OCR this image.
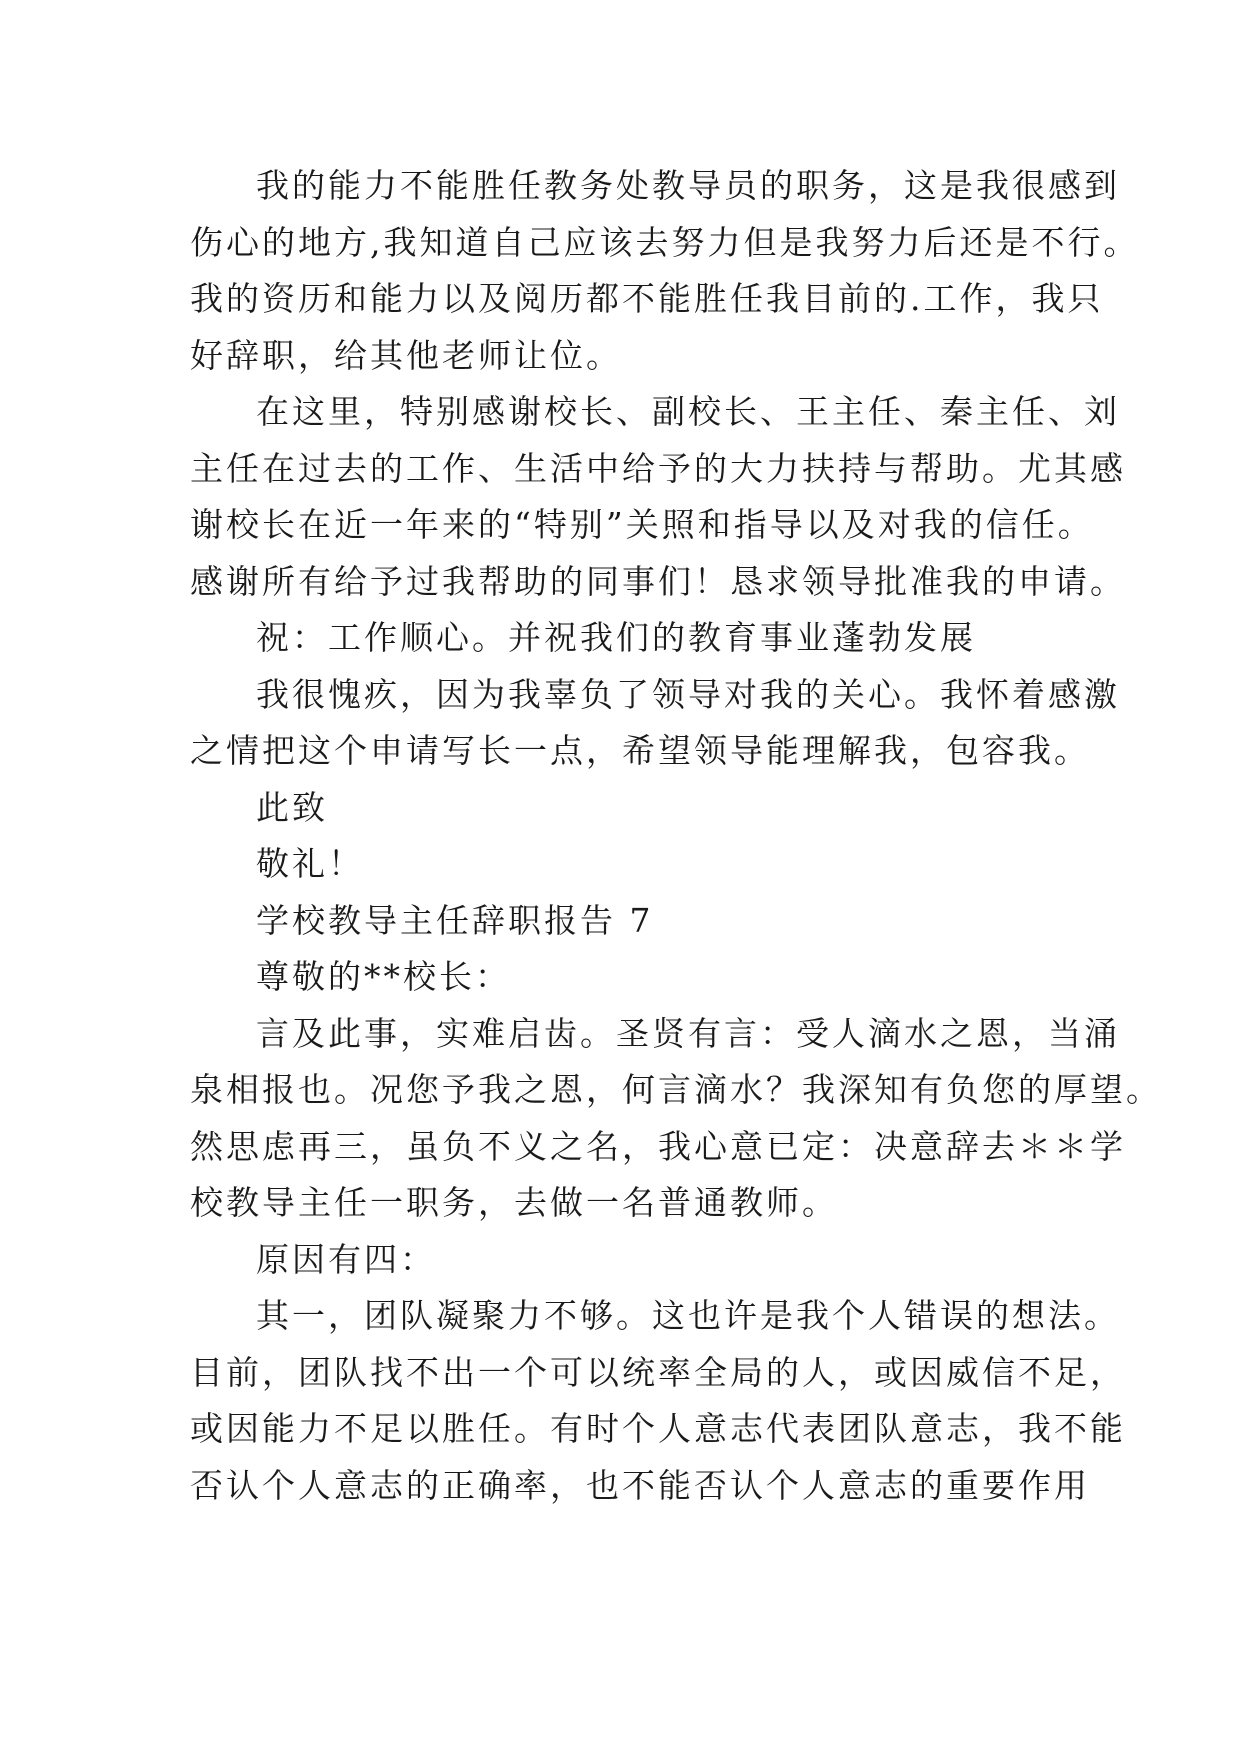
我的能力不能胜任教务处教导员的职务，这是我很感到
伤心的地方,我知道自己应该去努力但是我努力后还是不行。
我的资历和能力以及阅历都不能胜任我目前的.工作，我只
好辞职，给其他老师让位。
在这里，特别感谢校长、副校长、王主任、秦主任、刘
主任在过去的工作、生活中给予的大力扶持与帮助。尤其感
谢校长在近一年来的“特别”关照和指导以及对我的信任。
感谢所有给予过我帮助的同事们！恳求领导批准我的申请。
祝：工作顺心。并祝我们的教育事业蓬勃发展
我很愧疚，因为我辜负了领导对我的关心。我怀着感激
之情把这个申请写长一点，希望领导能理解我，包容我。
此致
敬礼！
学校教导主任辞职报告 7
尊敬的**校长：
言及此事，实难启齿。圣贤有言：受人滴水之恩，当涌
泉相报也。况您予我之恩，何言滴水？我深知有负您的厚望。
然思虑再三，虽负不义之名，我心意已定：决意辞去＊＊学
校教导主任一职务，去做一名普通教师。
原因有四：
其一，团队凝聚力不够。这也许是我个人错误的想法。
目前，团队找不出一个可以统率全局的人，或因威信不足，
或因能力不足以胜任。有时个人意志代表团队意志，我不能
否认个人意志的正确率，也不能否认个人意志的重要作用
